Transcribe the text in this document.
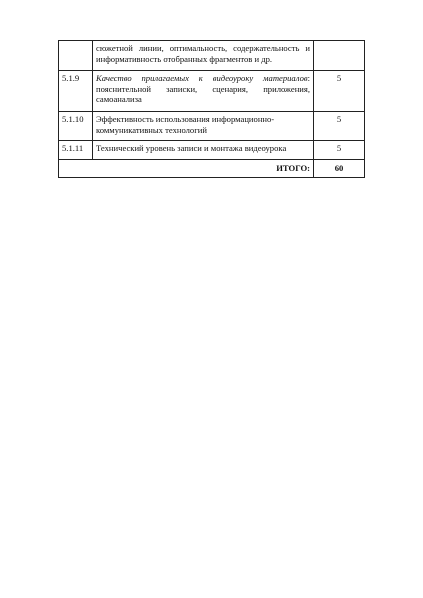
	сюжетной линии, оптимальность, содержательность и информативность отобранных фрагментов и др.	
5.1.9	Качество прилагаемых к видеоуроку материалов: пояснительной записки, сценария, приложения, самоанализа	5
5.1.10	Эффективность использования информационно-коммуникативных технологий	5
5.1.11	Технический уровень записи и монтажа видеоурока	5
ИТОГО:		60
